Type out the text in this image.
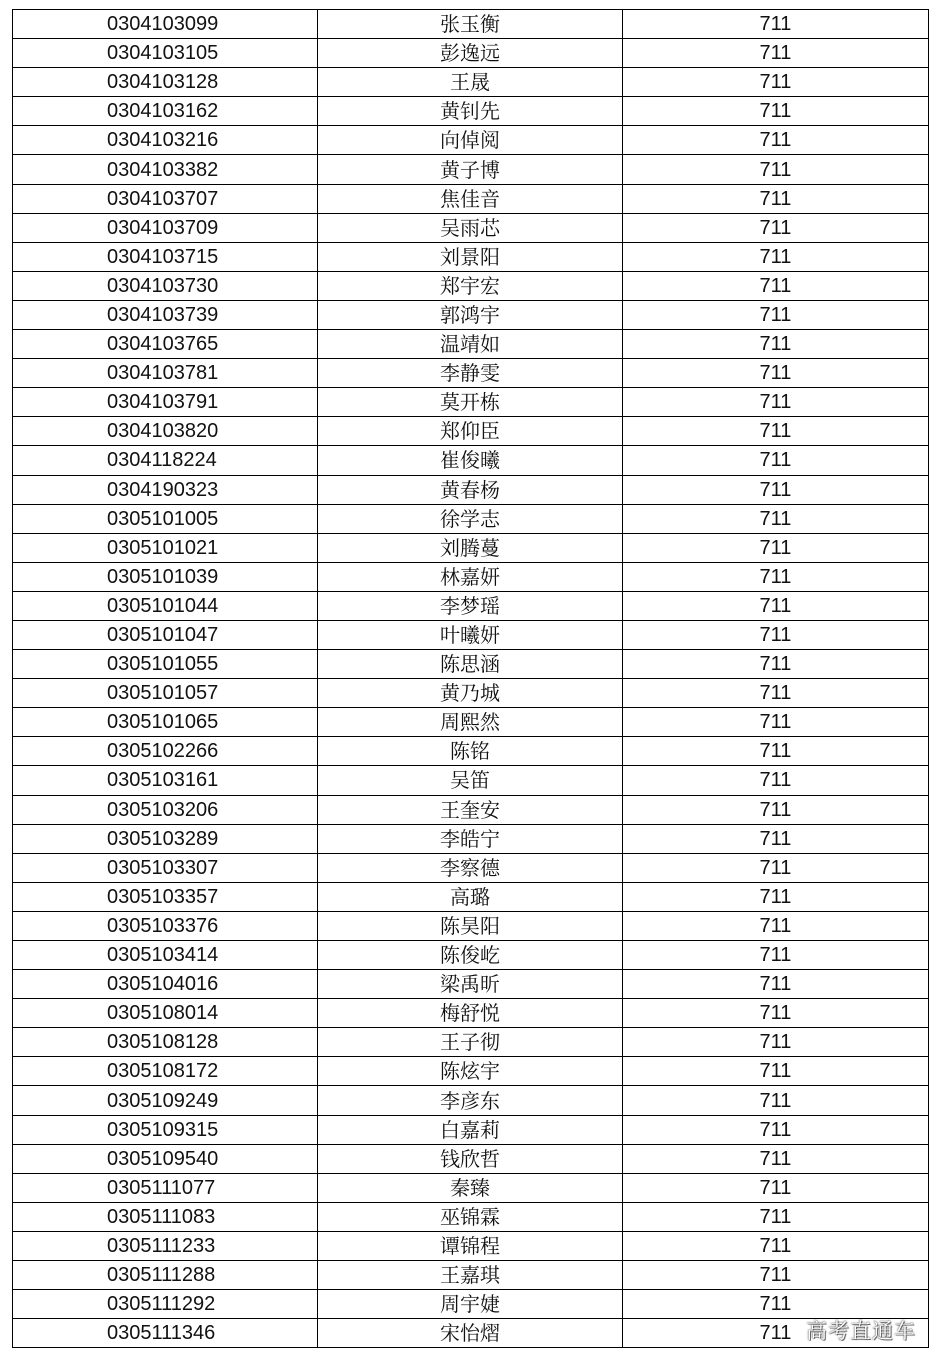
0304103099	张玉衡	711
0304103105	彭逸远	711
0304103128	王晟	711
0304103162	黄钊先	711
0304103216	向倬阅	711
0304103382	黄子博	711
0304103707	焦佳音	711
0304103709	吴雨芯	711
0304103715	刘景阳	711
0304103730	郑宇宏	711
0304103739	郭鸿宇	711
0304103765	温靖如	711
0304103781	李静雯	711
0304103791	莫开栋	711
0304103820	郑仰臣	711
0304118224	崔俊曦	711
0304190323	黄春杨	711
0305101005	徐学志	711
0305101021	刘腾蔓	711
0305101039	林嘉妍	711
0305101044	李梦瑶	711
0305101047	叶曦妍	711
0305101055	陈思涵	711
0305101057	黄乃城	711
0305101065	周熙然	711
0305102266	陈铭	711
0305103161	吴笛	711
0305103206	王奎安	711
0305103289	李皓宁	711
0305103307	李察德	711
0305103357	高璐	711
0305103376	陈昊阳	711
0305103414	陈俊屹	711
0305104016	梁禹昕	711
0305108014	梅舒悦	711
0305108128	王子彻	711
0305108172	陈炫宇	711
0305109249	李彦东	711
0305109315	白嘉莉	711
0305109540	钱欣哲	711
0305111077	秦臻	711
0305111083	巫锦霖	711
0305111233	谭锦程	711
0305111288	王嘉琪	711
0305111292	周宇婕	711
0305111346	宋怡熠	711 高考直通车
